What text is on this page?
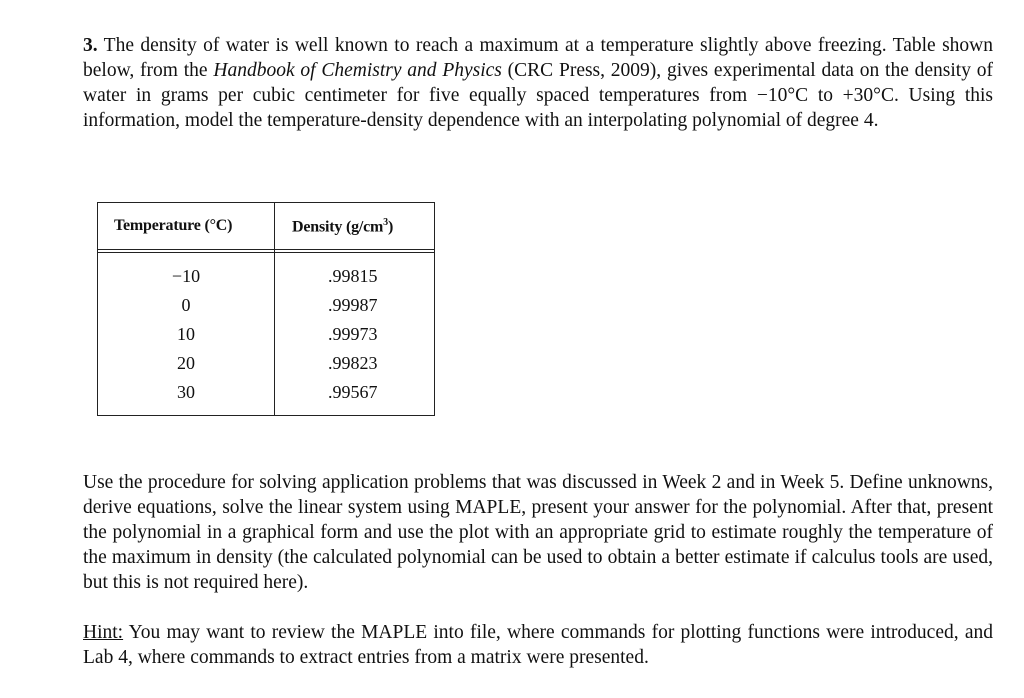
3. The density of water is well known to reach a maximum at a temperature slightly above freezing. Table shown below, from the Handbook of Chemistry and Physics (CRC Press, 2009), gives experimental data on the density of water in grams per cubic centimeter for five equally spaced temperatures from −10°C to +30°C. Using this information, model the temperature-density dependence with an interpolating polynomial of degree 4.

Temperature (°C)	Density $(g/cm^3)$
−10	.99815
0	.99987
10	.99973
20	.99823
30	.99567

Use the procedure for solving application problems that was discussed in Week 2 and in Week 5. Define unknowns, derive equations, solve the linear system using MAPLE, present your answer for the polynomial. After that, present the polynomial in a graphical form and use the plot with an appropriate grid to estimate roughly the temperature of the maximum in density (the calculated polynomial can be used to obtain a better estimate if calculus tools are used, but this is not required here).

Hint: You may want to review the MAPLE into file, where commands for plotting functions were introduced, and Lab 4, where commands to extract entries from a matrix were presented.
